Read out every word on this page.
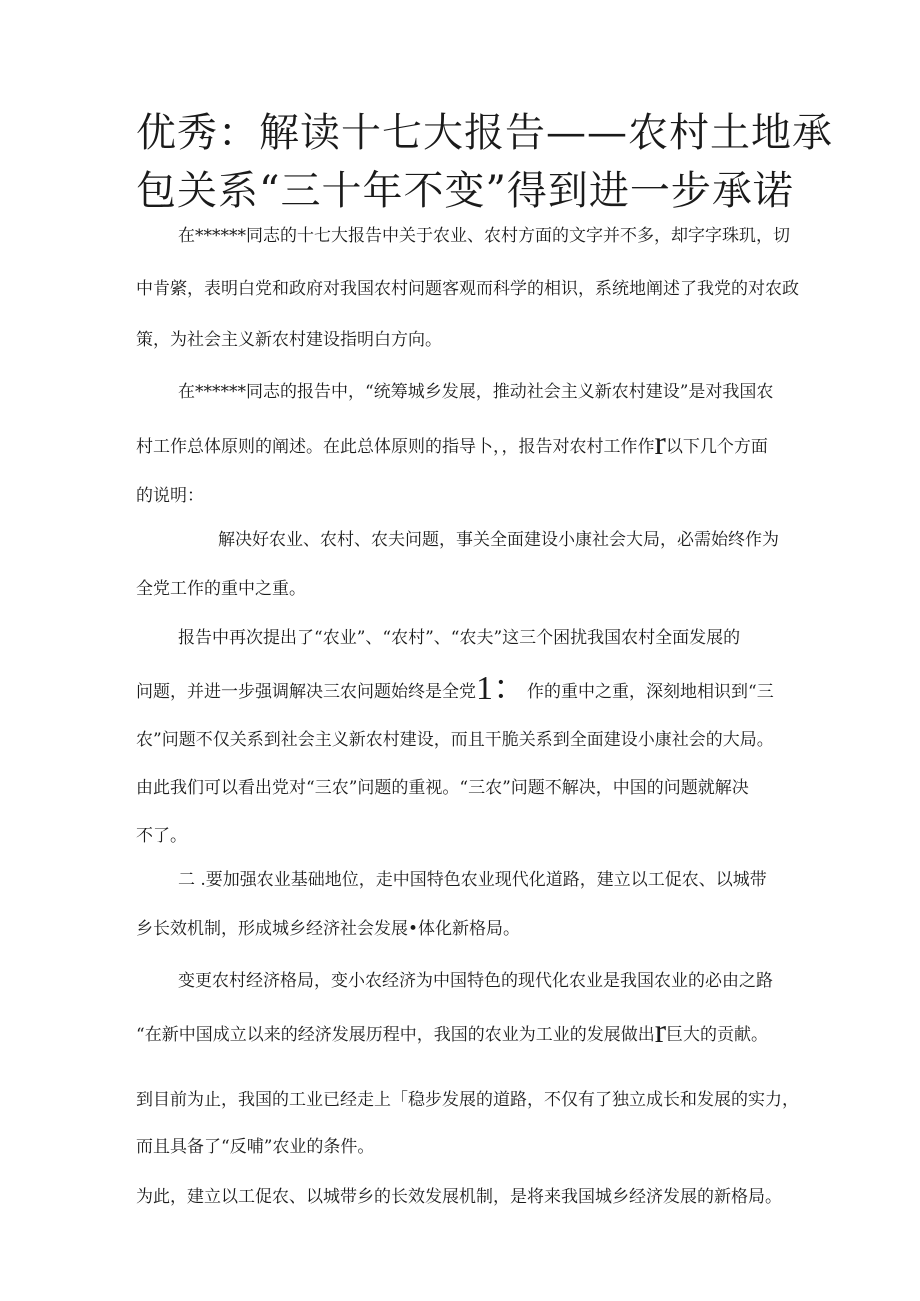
优秀：解读十七大报告——农村土地承
包关系“三十年不变”得到进一步承诺
在******同志的十七大报告中关于农业、农村方面的文字并不多，却字字珠玑，切
中肯綮，表明白党和政府对我国农村问题客观而科学的相识，系统地阐述了我党的对农政
策，为社会主义新农村建设指明白方向。
在******同志的报告中，“统筹城乡发展，推动社会主义新农村建设”是对我国农
村工作总体原则的阐述。在此总体原则的指导卜，，报告对农村工作作r以下几个方面
的说明：
解决好农业、农村、农夫问题，事关全面建设小康社会大局，必需始终作为
全党工作的重中之重。
报告中再次提出了“农业”、“农村”、“农夫”这三个困扰我国农村全面发展的
问题，并进一步强调解决三农问题始终是全党1：作的重中之重，深刻地相识到“三
农”问题不仅关系到社会主义新农村建设，而且干脆关系到全面建设小康社会的大局。
由此我们可以看出党对“三农”问题的重视。“三农”问题不解决，中国的问题就解决
不了。
二 .要加强农业基础地位，走中国特色农业现代化道路，建立以工促农、以城带
乡长效机制，形成城乡经济社会发展•体化新格局。
变更农村经济格局，变小农经济为中国特色的现代化农业是我国农业的必由之路
“在新中国成立以来的经济发展历程中，我国的农业为工业的发展做出r巨大的贡献。
到目前为止，我国的工业已经走上「稳步发展的道路，不仅有了独立成长和发展的实力，
而且具备了“反哺”农业的条件。
为此，建立以工促农、以城带乡的长效发展机制，是将来我国城乡经济发展的新格局。
